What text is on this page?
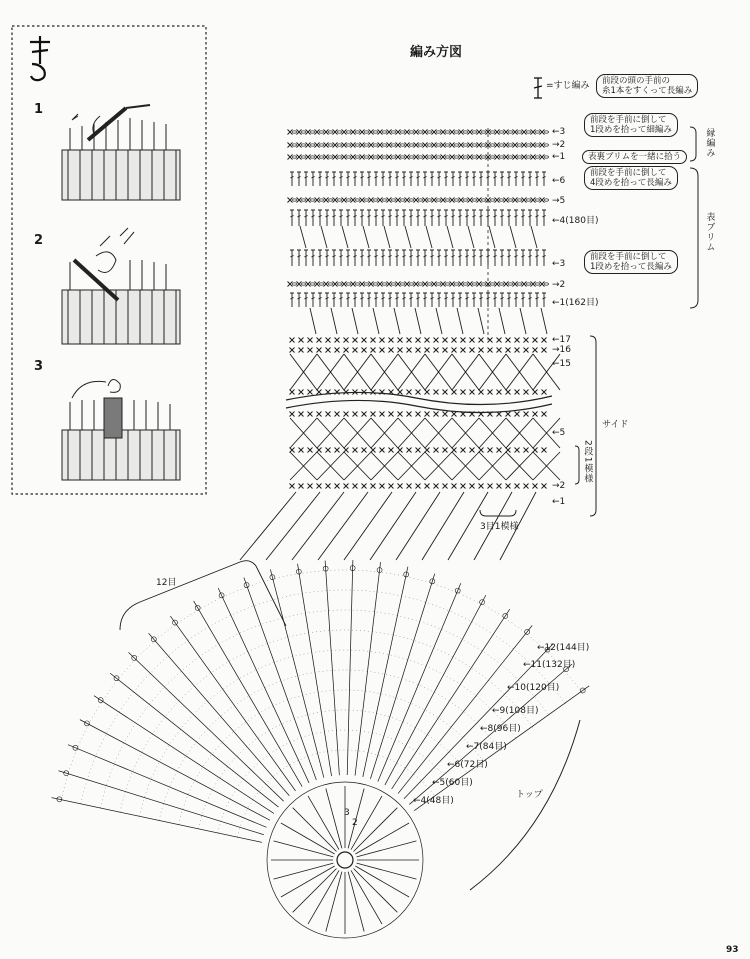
編み方図
=すじ編み 前段の頭の手前の
糸1本をすくって長編み
1
2
3
←3
→2
←1
前段を手前に倒して
1段めを拾って細編み
表裏ブリムを一緒に拾う	縁編み
←6
→5
←4(180目)
←3
→2
←1(162目)
前段を手前に倒して
4段めを拾って長編み
前段を手前に倒して
1段めを拾って長編み
表ブリム
←17
→16
←15
←5
→2
←1
サイド
2段1模様
3目1模様
12目
トップ
←12(144目)
←11(132目)
←10(120目)
←9(108目)
←8(96目)
←7(84目)
←6(72目)
←5(60目)
←4(48目)
3
2
93
